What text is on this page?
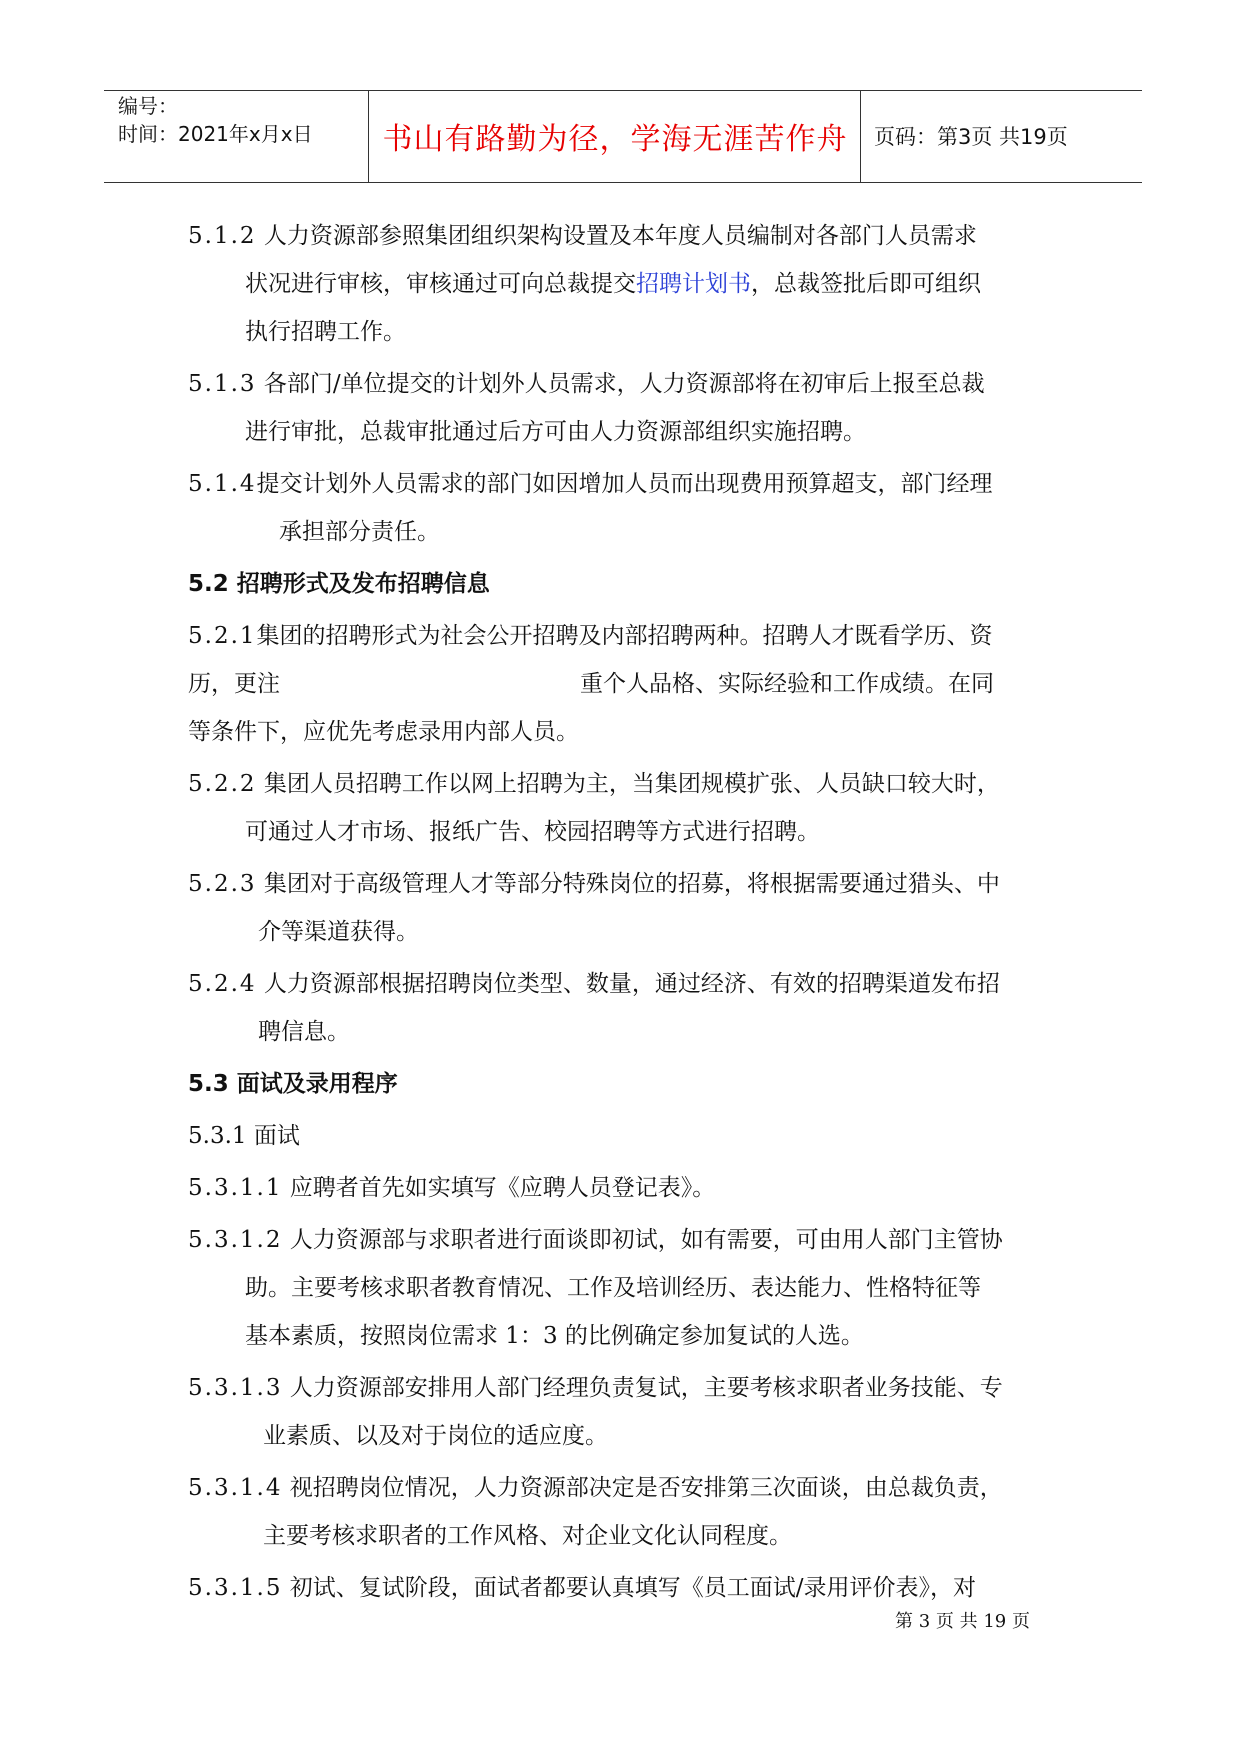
编号：
时间：2021年x月x日	书山有路勤为径，学海无涯苦作舟	页码：第3页 共19页

5.1.2 人力资源部参照集团组织架构设置及本年度人员编制对各部门人员需求
状况进行审核，审核通过可向总裁提交招聘计划书，总裁签批后即可组织
执行招聘工作。

5.1.3 各部门/单位提交的计划外人员需求，人力资源部将在初审后上报至总裁
进行审批，总裁审批通过后方可由人力资源部组织实施招聘。

5.1.4提交计划外人员需求的部门如因增加人员而出现费用预算超支，部门经理
承担部分责任。

5.2 招聘形式及发布招聘信息

5.2.1集团的招聘形式为社会公开招聘及内部招聘两种。招聘人才既看学历、资
历，更注	重个人品格、实际经验和工作成绩。在同
等条件下，应优先考虑录用内部人员。

5.2.2 集团人员招聘工作以网上招聘为主，当集团规模扩张、人员缺口较大时，
可通过人才市场、报纸广告、校园招聘等方式进行招聘。

5.2.3 集团对于高级管理人才等部分特殊岗位的招募，将根据需要通过猎头、中
介等渠道获得。

5.2.4 人力资源部根据招聘岗位类型、数量，通过经济、有效的招聘渠道发布招
聘信息。

5.3 面试及录用程序

5.3.1 面试

5.3.1.1 应聘者首先如实填写《应聘人员登记表》。

5.3.1.2 人力资源部与求职者进行面谈即初试，如有需要，可由用人部门主管协
助。主要考核求职者教育情况、工作及培训经历、表达能力、性格特征等
基本素质，按照岗位需求 1：3 的比例确定参加复试的人选。

5.3.1.3 人力资源部安排用人部门经理负责复试，主要考核求职者业务技能、专
业素质、以及对于岗位的适应度。

5.3.1.4 视招聘岗位情况，人力资源部决定是否安排第三次面谈，由总裁负责，
主要考核求职者的工作风格、对企业文化认同程度。

5.3.1.5 初试、复试阶段，面试者都要认真填写《员工面试/录用评价表》，对

第 3 页 共 19 页
